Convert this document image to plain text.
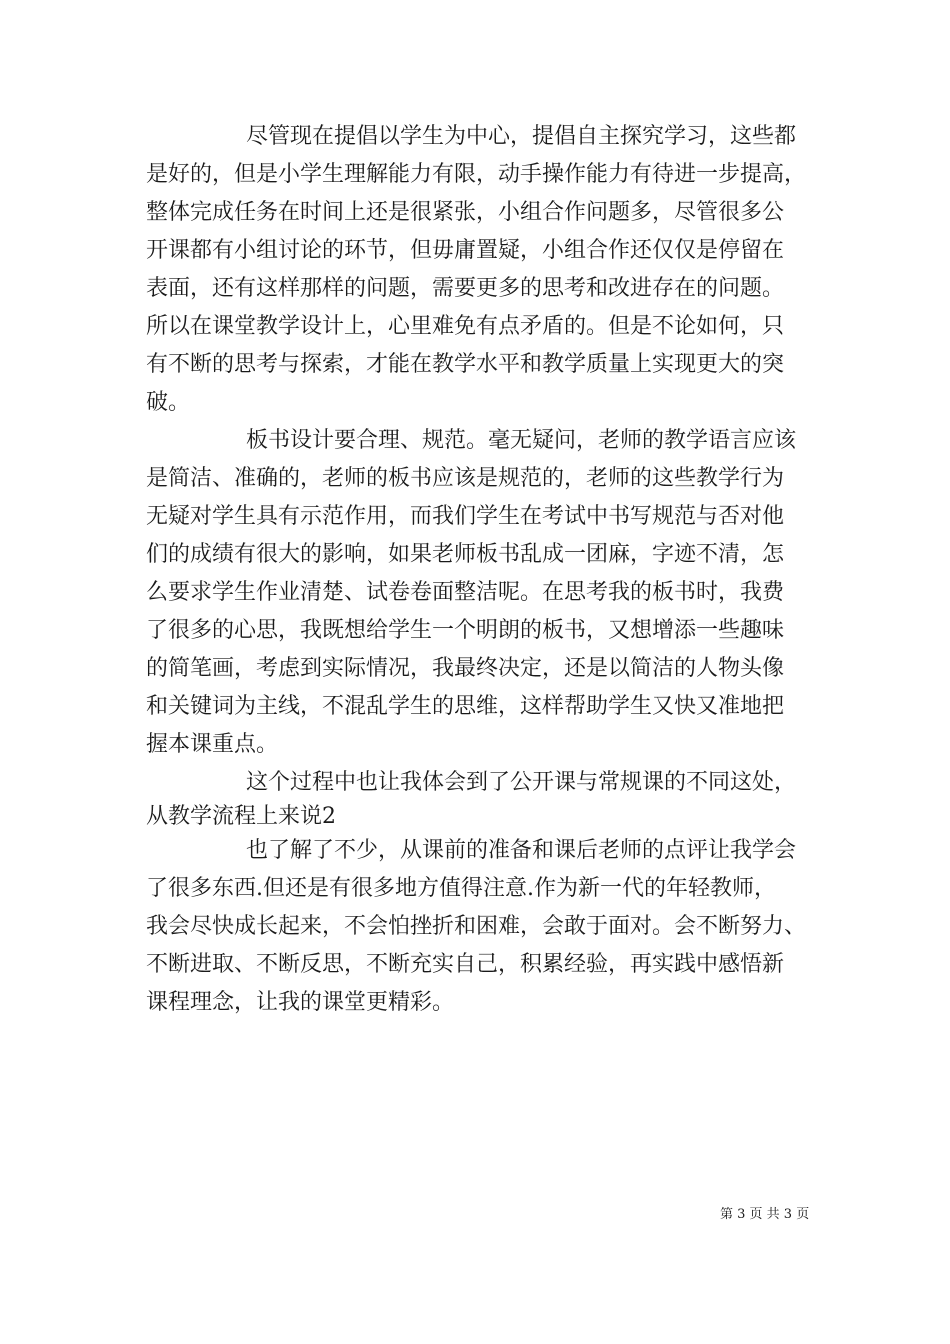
尽管现在提倡以学生为中心，提倡自主探究学习，这些都
是好的，但是小学生理解能力有限，动手操作能力有待进一步提高，
整体完成任务在时间上还是很紧张，小组合作问题多，尽管很多公
开课都有小组讨论的环节，但毋庸置疑，小组合作还仅仅是停留在
表面，还有这样那样的问题，需要更多的思考和改进存在的问题。
所以在课堂教学设计上，心里难免有点矛盾的。但是不论如何，只
有不断的思考与探索，才能在教学水平和教学质量上实现更大的突
破。
板书设计要合理、规范。毫无疑问，老师的教学语言应该
是简洁、准确的，老师的板书应该是规范的，老师的这些教学行为
无疑对学生具有示范作用，而我们学生在考试中书写规范与否对他
们的成绩有很大的影响，如果老师板书乱成一团麻，字迹不清，怎
么要求学生作业清楚、试卷卷面整洁呢。在思考我的板书时，我费
了很多的心思，我既想给学生一个明朗的板书，又想增添一些趣味
的简笔画，考虑到实际情况，我最终决定，还是以简洁的人物头像
和关键词为主线，不混乱学生的思维，这样帮助学生又快又准地把
握本课重点。
这个过程中也让我体会到了公开课与常规课的不同这处，
从教学流程上来说2
也了解了不少，从课前的准备和课后老师的点评让我学会
了很多东西.但还是有很多地方值得注意.作为新一代的年轻教师，
我会尽快成长起来，不会怕挫折和困难，会敢于面对。会不断努力、
不断进取、不断反思，不断充实自己，积累经验，再实践中感悟新
课程理念，让我的课堂更精彩。
第 3 页 共 3 页
